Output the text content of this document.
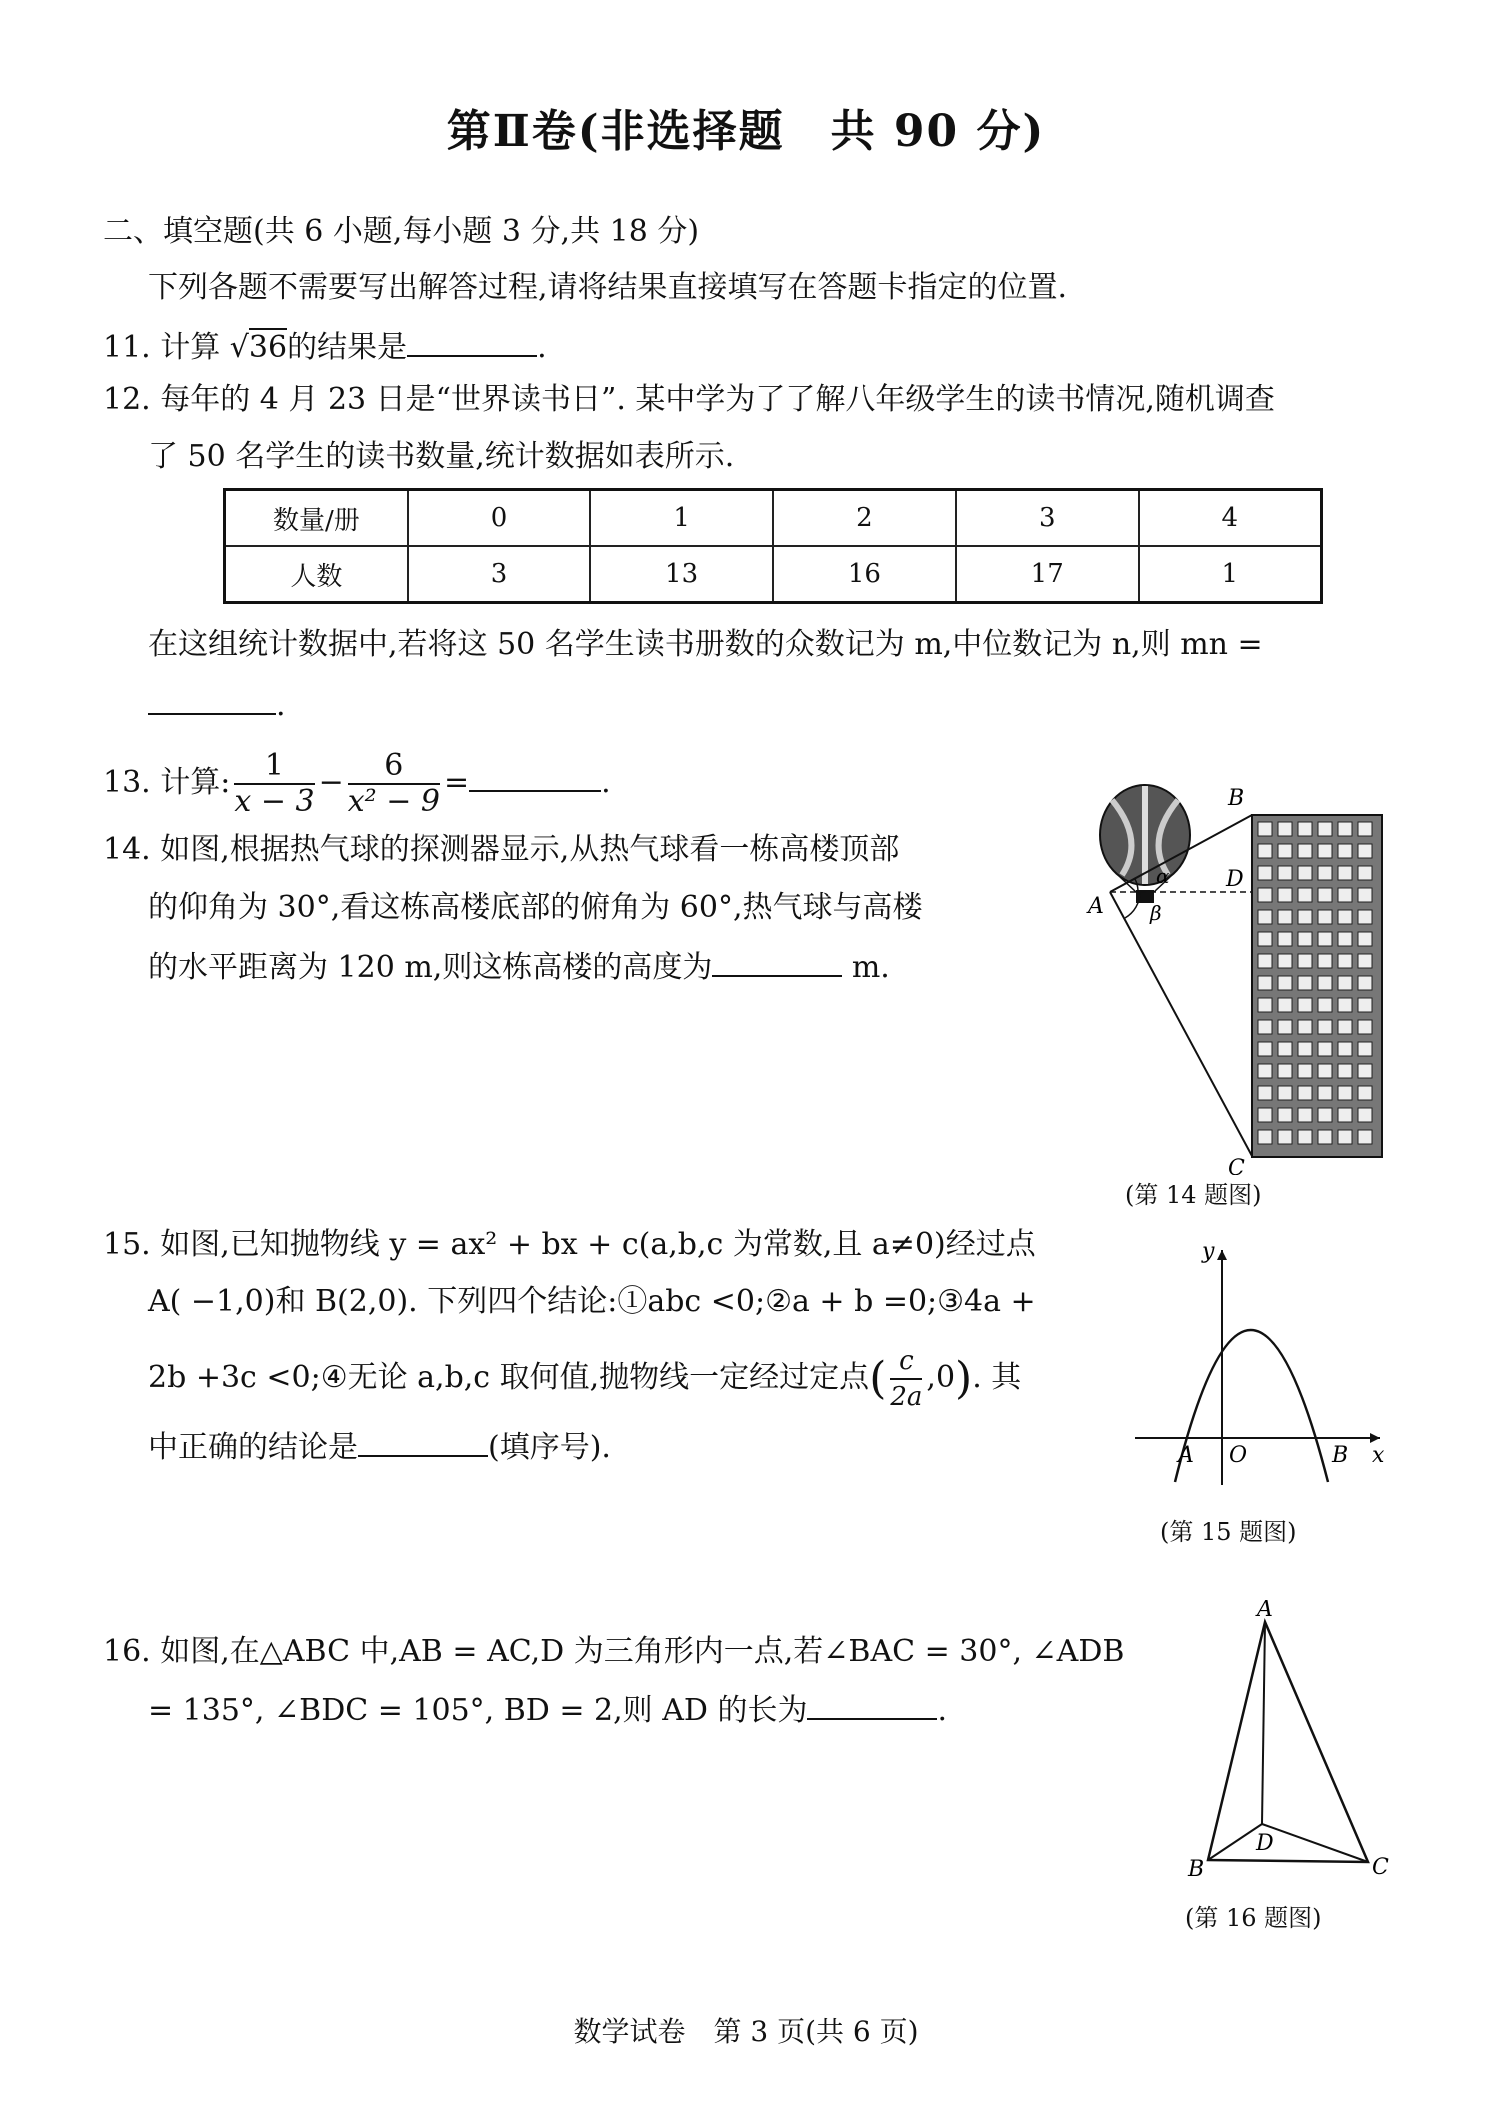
第Ⅱ卷(非选择题　共 90 分)
二、填空题(共 6 小题,每小题 3 分,共 18 分)
下列各题不需要写出解答过程,请将结果直接填写在答题卡指定的位置.
11. 计算 √36的结果是	.
12. 每年的 4 月 23 日是“世界读书日”. 某中学为了了解八年级学生的读书情况,随机调查
了 50 名学生的读书数量,统计数据如表所示.
数量/册	0	1	2	3	4
人数	3	13	16	17	1
在这组统计数据中,若将这 50 名学生读书册数的众数记为 m,中位数记为 n,则 mn =
.
13. 计算: $\frac{1}{x - 3} - \frac{6}{\text{x² − 9}}$ =	.
14. 如图,根据热气球的探测器显示,从热气球看一栋高楼顶部
的仰角为 30°,看这栋高楼底部的俯角为 60°,热气球与高楼
的水平距离为 120 m,则这栋高楼的高度为	m.
A
B
D
C
α
β
(第 14 题图)
15. 如图,已知抛物线 y = ax² + bx + c(a,b,c 为常数,且 a≠0)经过点
A( −1,0)和 B(2,0). 下列四个结论:①abc <0;②a + b =0;③4a +
2b +3c <0;④无论 a,b,c 取何值,抛物线一定经过定点( $\frac{c}{2a} ,0$). 其
中正确的结论是	(填序号).
y
x
A O	B
(第 15 题图)
16. 如图,在△ABC 中,AB = AC,D 为三角形内一点,若∠BAC = 30°, ∠ADB
= 135°, ∠BDC = 105°, BD = 2,则 AD 的长为	.
A
B	C
D
(第 16 题图)
数学试卷　第 3 页(共 6 页)
